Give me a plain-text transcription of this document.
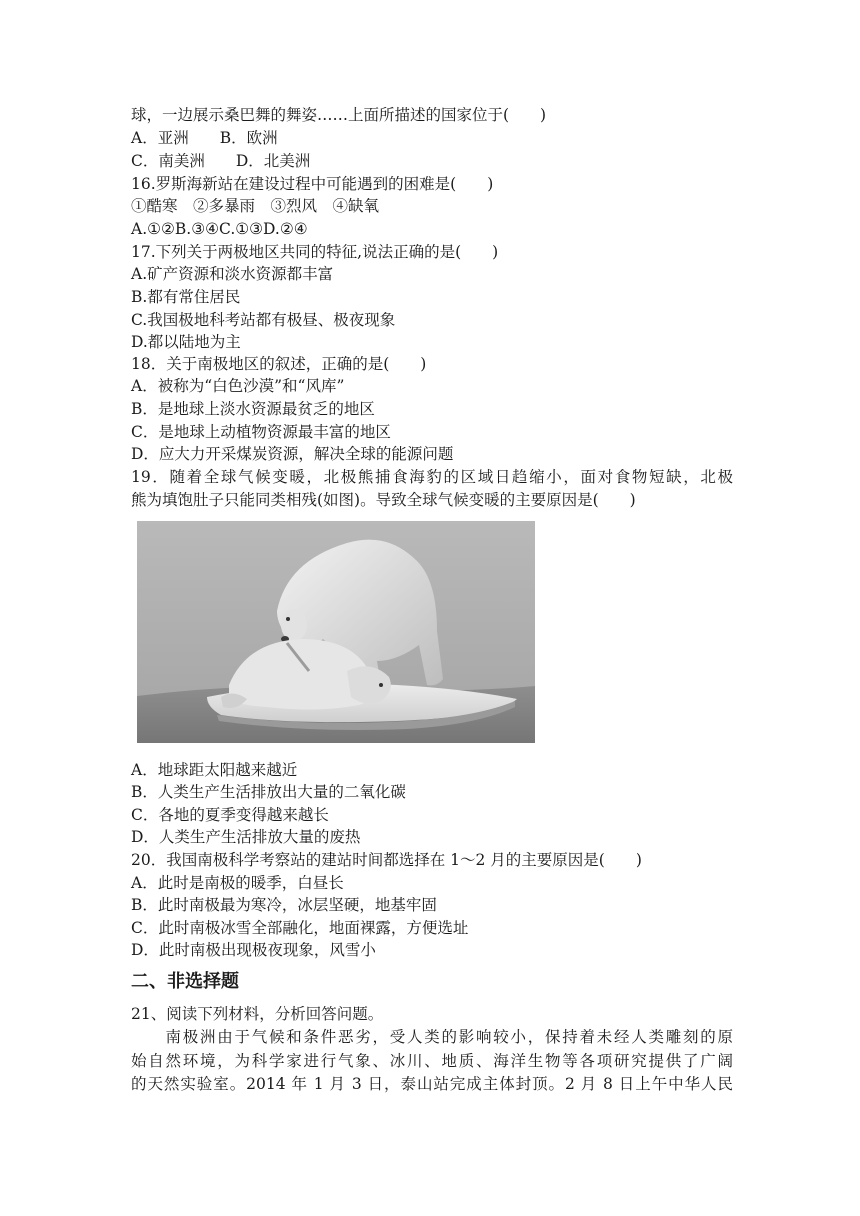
球，一边展示桑巴舞的舞姿……上面所描述的国家位于(　　)
A．亚洲　　B．欧洲
C．南美洲　　D．北美洲
16.罗斯海新站在建设过程中可能遇到的困难是(　　)
①酷寒　②多暴雨　③烈风　④缺氧
A.①②B.③④C.①③D.②④
17.下列关于两极地区共同的特征,说法正确的是(　　)
A.矿产资源和淡水资源都丰富
B.都有常住居民
C.我国极地科考站都有极昼、极夜现象
D.都以陆地为主
18．关于南极地区的叙述，正确的是(　　)
A．被称为“白色沙漠”和“风库”
B．是地球上淡水资源最贫乏的地区
C．是地球上动植物资源最丰富的地区
D．应大力开采煤炭资源，解决全球的能源问题
19．随着全球气候变暖，北极熊捕食海豹的区域日趋缩小，面对食物短缺，北极
熊为填饱肚子只能同类相残(如图)。导致全球气候变暖的主要原因是(　　)
A．地球距太阳越来越近
B．人类生产生活排放出大量的二氧化碳
C．各地的夏季变得越来越长
D．人类生产生活排放大量的废热
20．我国南极科学考察站的建站时间都选择在 1～2 月的主要原因是(　　)
A．此时是南极的暖季，白昼长
B．此时南极最为寒冷，冰层坚硬，地基牢固
C．此时南极冰雪全部融化，地面裸露，方便选址
D．此时南极出现极夜现象，风雪小
二、非选择题
21、阅读下列材料，分析回答问题。
　　南极洲由于气候和条件恶劣，受人类的影响较小，保持着未经人类雕刻的原
始自然环境，为科学家进行气象、冰川、地质、海洋生物等各项研究提供了广阔
的天然实验室。2014 年 1 月 3 日，泰山站完成主体封顶。2 月 8 日上午中华人民
